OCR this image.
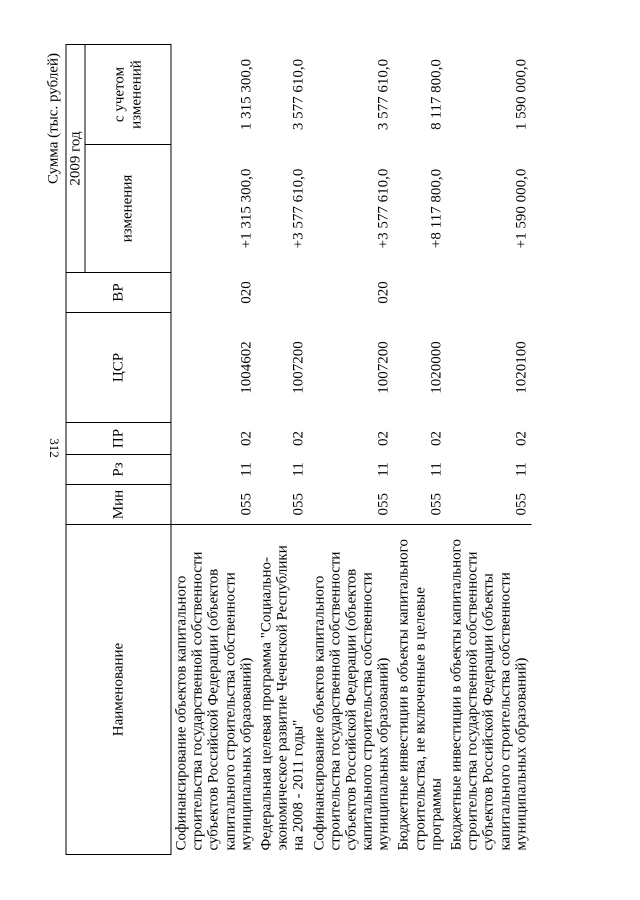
312
Сумма (тыс. рублей)
Наименование	Мин	Рз	ПР	ЦСР	ВР	2009 год	
						изменения	с учетом изменений
Софинансирование объектов капитального строительства государственной собственности субъектов Российской Федерации (объектов капитального строительства собственности муниципальных образований)	055	11	02	1004602	020	+1 315 300,0	1 315 300,0
Федеральная целевая программа "Социально-экономическое развитие Чеченской Республики на 2008 - 2011 годы"	055	11	02	1007200		+3 577 610,0	3 577 610,0
Софинансирование объектов капитального строительства государственной собственности субъектов Российской Федерации (объектов капитального строительства собственности муниципальных образований)	055	11	02	1007200	020	+3 577 610,0	3 577 610,0
Бюджетные инвестиции в объекты капитального строительства, не включенные в целевые программы	055	11	02	1020000		+8 117 800,0	8 117 800,0
Бюджетные инвестиции в объекты капитального строительства государственной собственности субъектов Российской Федерации (объекты капитального строительства собственности муниципальных образований)	055	11	02	1020100		+1 590 000,0	1 590 000,0
